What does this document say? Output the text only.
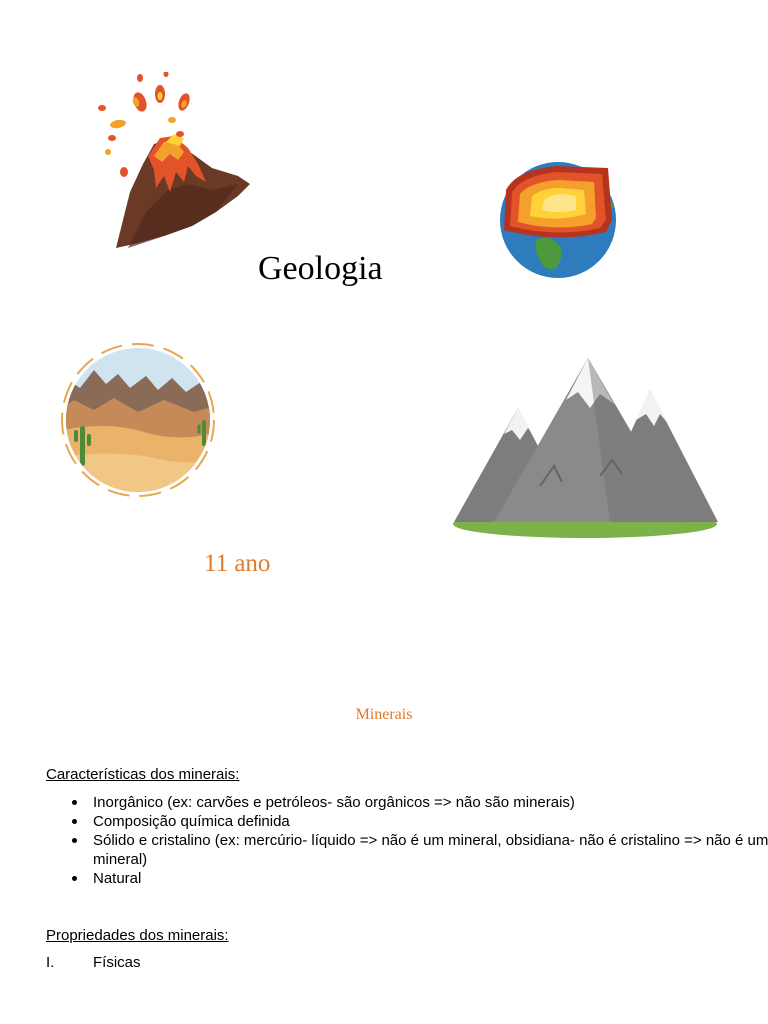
Geologia
11 ano
Minerais
Características dos minerais:
Inorgânico (ex: carvões e petróleos- são orgânicos => não são minerais)
Composição química definida
Sólido e cristalino (ex: mercúrio- líquido => não é um mineral, obsidiana- não é cristalino => não é um mineral)
Natural
Propriedades dos minerais:
I.	Físicas
